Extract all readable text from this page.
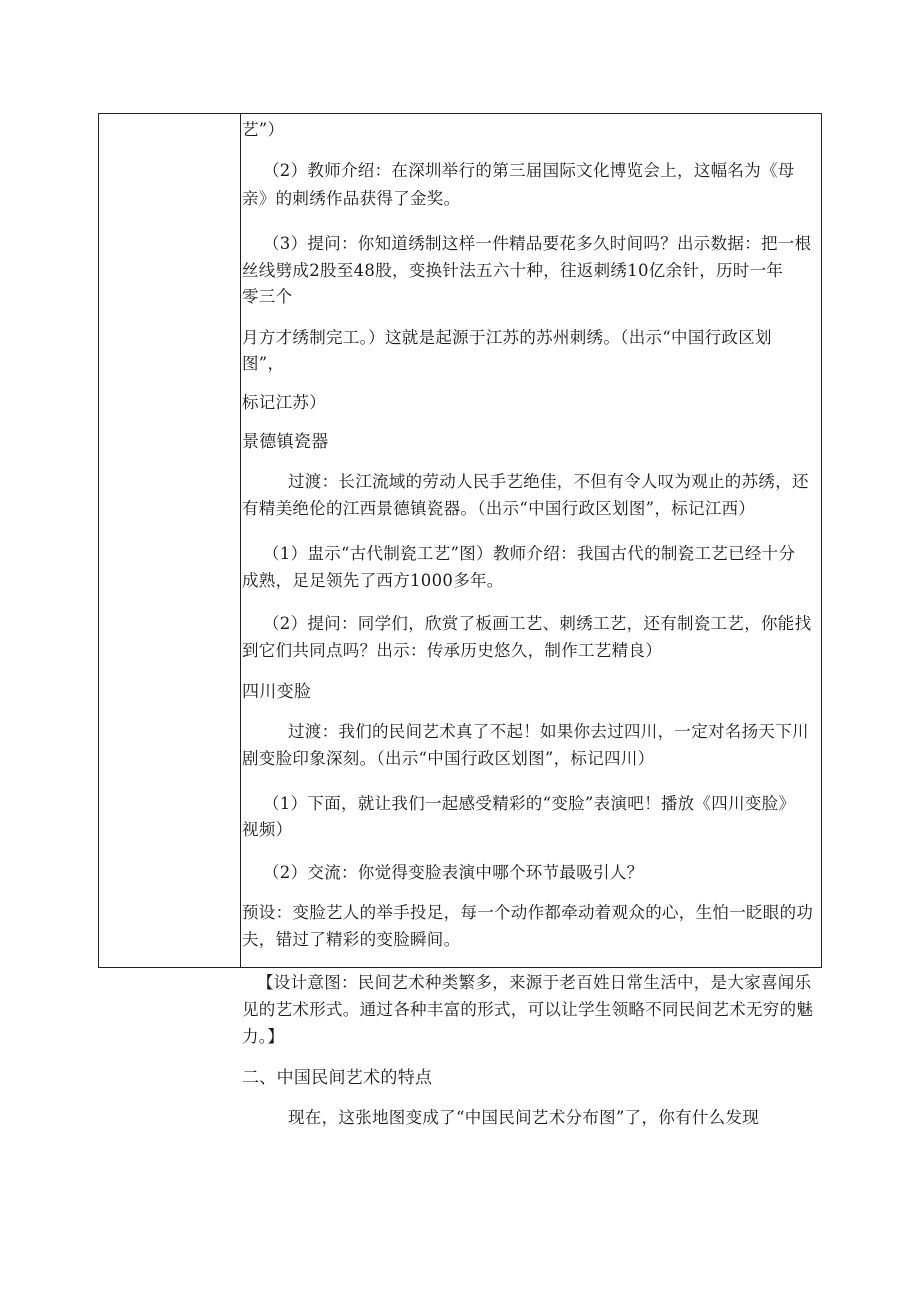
艺”）
（2）教师介绍：在深圳举行的第三届国际文化博览会上，这幅名为《母
亲》的刺绣作品获得了金奖。
（3）提问：你知道绣制这样一件精品要花多久时间吗？出示数据：把一根
丝线劈成2股至48股，变换针法五六十种，往返刺绣10亿余针，历时一年
零三个
月方才绣制完工。）这就是起源于江苏的苏州刺绣。（出示“中国行政区划
图”，
标记江苏）
景德镇瓷器
过渡：长江流域的劳动人民手艺绝佳，不但有令人叹为观止的苏绣，还
有精美绝伦的江西景德镇瓷器。（出示“中国行政区划图”，标记江西）
（1）盅示“古代制瓷工艺”图）教师介绍：我国古代的制瓷工艺已经十分
成熟，足足领先了西方1000多年。
（2）提问：同学们，欣赏了板画工艺、刺绣工艺，还有制瓷工艺，你能找
到它们共同点吗？出示：传承历史悠久，制作工艺精良）
四川变脸
过渡：我们的民间艺术真了不起！如果你去过四川，一定对名扬天下川
剧变脸印象深刻。（出示“中国行政区划图”，标记四川）
（1）下面，就让我们一起感受精彩的“变脸”表演吧！播放《四川变脸》
视频）
（2）交流：你觉得变脸表演中哪个环节最吸引人？
预设：变脸艺人的举手投足，每一个动作都牵动着观众的心，生怕一眨眼的功
夫，错过了精彩的变脸瞬间。
【设计意图：民间艺术种类繁多，来源于老百姓日常生活中，是大家喜闻乐
见的艺术形式。通过各种丰富的形式，可以让学生领略不同民间艺术无穷的魅
力。】
二、中国民间艺术的特点
现在，这张地图变成了“中国民间艺术分布图”了，你有什么发现
